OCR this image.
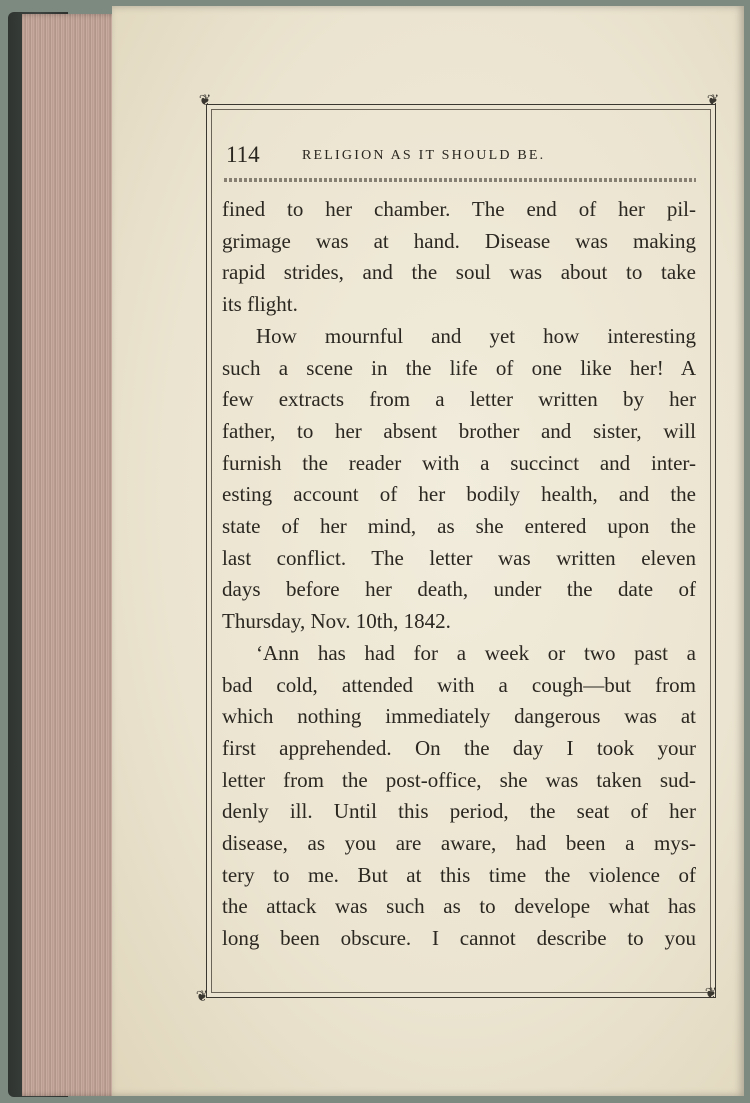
❦	❦
❦	❦
114	RELIGION AS IT SHOULD BE.
fined to her chamber. The end of her pil-
grimage was at hand. Disease was making
rapid strides, and the soul was about to take
its flight.
How mournful and yet how interesting
such a scene in the life of one like her! A
few extracts from a letter written by her
father, to her absent brother and sister, will
furnish the reader with a succinct and inter-
esting account of her bodily health, and the
state of her mind, as she entered upon the
last conflict. The letter was written eleven
days before her death, under the date of
Thursday, Nov. 10th, 1842.
‘Ann has had for a week or two past a
bad cold, attended with a cough—but from
which nothing immediately dangerous was at
first apprehended. On the day I took your
letter from the post-office, she was taken sud-
denly ill. Until this period, the seat of her
disease, as you are aware, had been a mys-
tery to me. But at this time the violence of
the attack was such as to develope what has
long been obscure. I cannot describe to you
